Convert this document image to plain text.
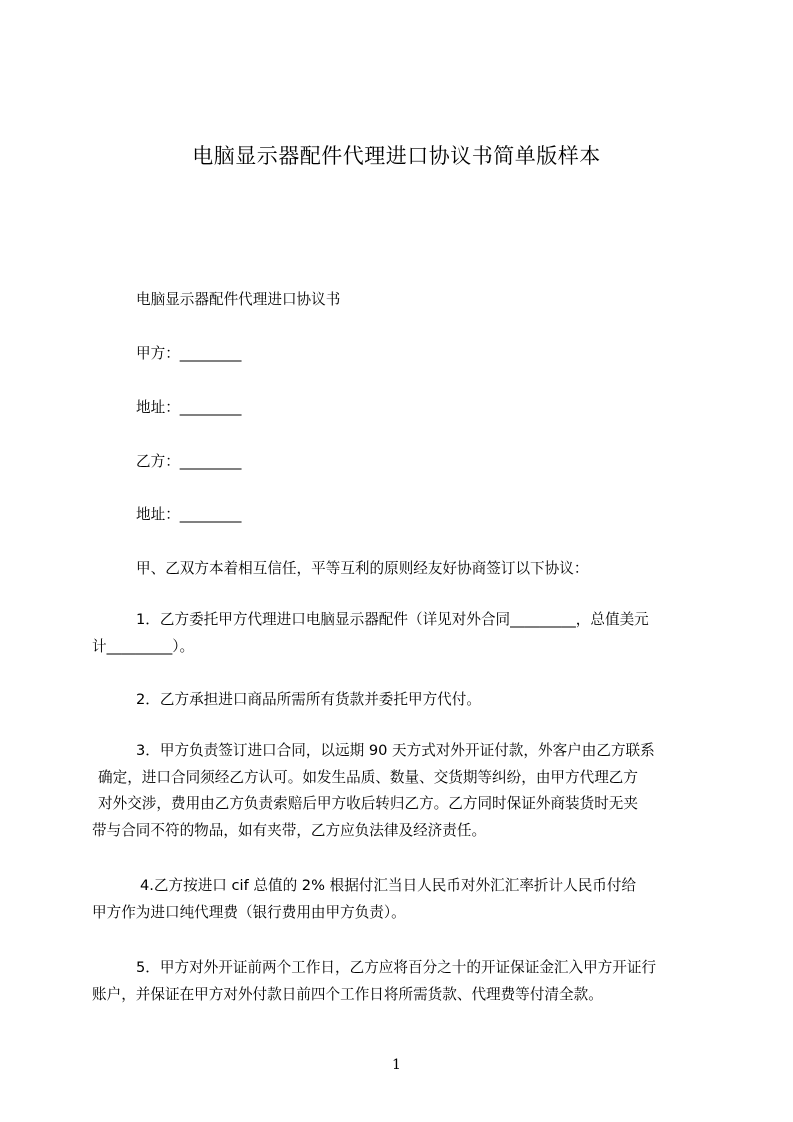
电脑显示器配件代理进口协议书简单版样本
电脑显示器配件代理进口协议书
甲方：_________
地址：_________
乙方：_________
地址：_________
甲、乙双方本着相互信任，平等互利的原则经友好协商签订以下协议：
1．乙方委托甲方代理进口电脑显示器配件（详见对外合同_________，总值美元
计_________）。
2．乙方承担进口商品所需所有货款并委托甲方代付。
3．甲方负责签订进口合同，以远期 90 天方式对外开证付款，外客户由乙方联系
确定，进口合同须经乙方认可。如发生品质、数量、交货期等纠纷，由甲方代理乙方
对外交涉，费用由乙方负责索赔后甲方收后转归乙方。乙方同时保证外商装货时无夹
带与合同不符的物品，如有夹带，乙方应负法律及经济责任。
4.乙方按进口 cif 总值的 2% 根据付汇当日人民币对外汇汇率折计人民币付给
甲方作为进口纯代理费（银行费用由甲方负责）。
5．甲方对外开证前两个工作日，乙方应将百分之十的开证保证金汇入甲方开证行
账户，并保证在甲方对外付款日前四个工作日将所需货款、代理费等付清全款。
1
